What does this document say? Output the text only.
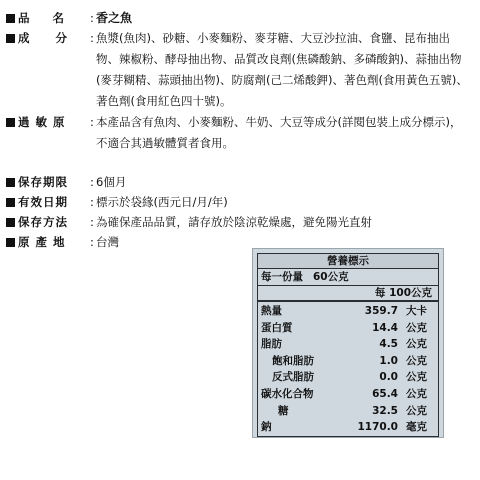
品　　名	: 香之魚
成　　分	: 魚漿(魚肉)、砂糖、小麥麵粉、麥芽糖、大豆沙拉油、食鹽、昆布抽出物、辣椒粉、酵母抽出物、品質改良劑(焦磷酸鈉、多磷酸鈉)、蒜抽出物(麥芽糊精、蒜頭抽出物)、防腐劑(己二烯酸鉀)、著色劑(食用黃色五號)、著色劑(食用紅色四十號)。
過 敏 原	: 本產品含有魚肉、小麥麵粉、牛奶、大豆等成分(詳閱包裝上成分標示)，不適合其過敏體質者食用。
保存期限	: 6個月
有效日期	: 標示於袋緣(西元日/月/年)
保存方法	: 為確保產品品質，請存放於陰涼乾燥處，避免陽光直射
原 產 地	: 台灣
營養標示
每一份量 60公克
每 100公克
熱量	359.7 大卡
蛋白質	14.4 公克
脂肪	4.5 公克
飽和脂肪	1.0 公克
反式脂肪	0.0 公克
碳水化合物	65.4 公克
糖	32.5 公克
鈉	1170.0 毫克
